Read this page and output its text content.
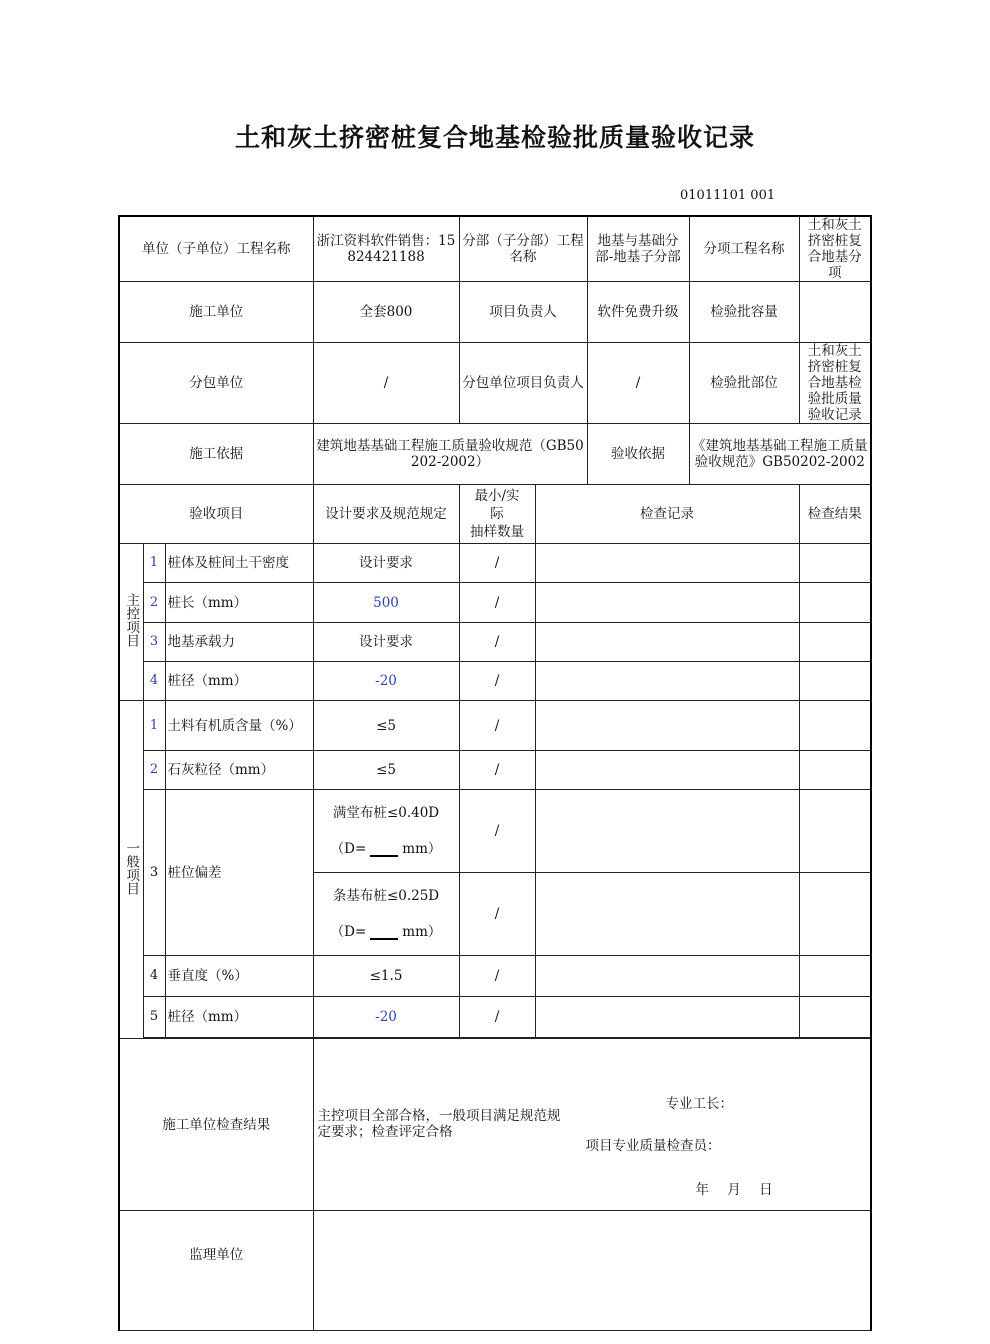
土和灰土挤密桩复合地基检验批质量验收记录
01011101 001
单位（子单位）工程名称			浙江资料软件销售：15824421188	分部（子分部）工程名称		地基与基础分部-地基子分部	分项工程名称	土和灰土挤密桩复合地基分项
施工单位			全套800	项目负责人		软件免费升级	检验批容量	
分包单位			/	分包单位项目负责人		/	检验批部位	土和灰土挤密桩复合地基检验批质量验收记录
施工依据			建筑地基基础工程施工质量验收规范（GB50202-2002）			验收依据	《建筑地基基础工程施工质量验收规范》GB50202-2002	
验收项目			设计要求及规范规定	最小/实
际
抽样数量	检查记录			检查结果
主控项目	1	桩体及桩间土干密度	设计要求	/				
	2	桩长（mm）	500	/				
	3	地基承载力	设计要求	/				
	4	桩径（mm）	-20	/				
一般项目	1	土料有机质含量（%）	≤5	/				
	2	石灰粒径（mm）	≤5	/				
	3	桩位偏差	满堂布桩≤0.40D
（D= mm）	/				

			条基布桩≤0.25D
（D= mm）	/				
	4	垂直度（%）	≤1.5	/				
	5	桩径（mm）	-20	/				

施工单位检查结果			主控项目全部合格，一般项目满足规范规定要求；检查评定合格
专业工长：
项目专业质量检查员：
年 月 日					

监理单位								
